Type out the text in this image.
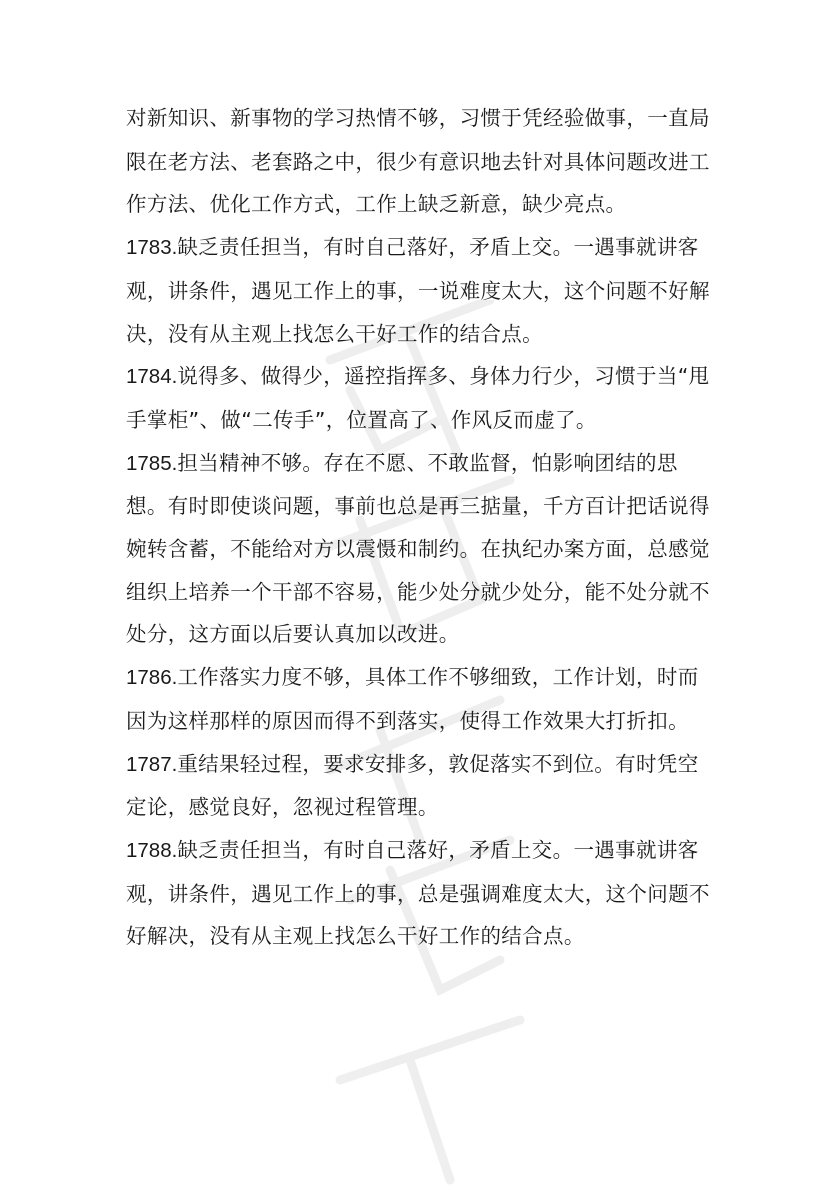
对新知识、新事物的学习热情不够，习惯于凭经验做事，一直局限在老方法、老套路之中，很少有意识地去针对具体问题改进工作方法、优化工作方式，工作上缺乏新意，缺少亮点。

1783.缺乏责任担当，有时自己落好，矛盾上交。一遇事就讲客观，讲条件，遇见工作上的事，一说难度太大，这个问题不好解决，没有从主观上找怎么干好工作的结合点。

1784.说得多、做得少，遥控指挥多、身体力行少，习惯于当“甩手掌柜”、做“二传手”，位置高了、作风反而虚了。

1785.担当精神不够。存在不愿、不敢监督，怕影响团结的思想。有时即使谈问题，事前也总是再三掂量，千方百计把话说得婉转含蓄，不能给对方以震慑和制约。在执纪办案方面，总感觉组织上培养一个干部不容易，能少处分就少处分，能不处分就不处分，这方面以后要认真加以改进。

1786.工作落实力度不够，具体工作不够细致，工作计划，时而因为这样那样的原因而得不到落实，使得工作效果大打折扣。

1787.重结果轻过程，要求安排多，敦促落实不到位。有时凭空定论，感觉良好，忽视过程管理。

1788.缺乏责任担当，有时自己落好，矛盾上交。一遇事就讲客观，讲条件，遇见工作上的事，总是强调难度太大，这个问题不好解决，没有从主观上找怎么干好工作的结合点。
